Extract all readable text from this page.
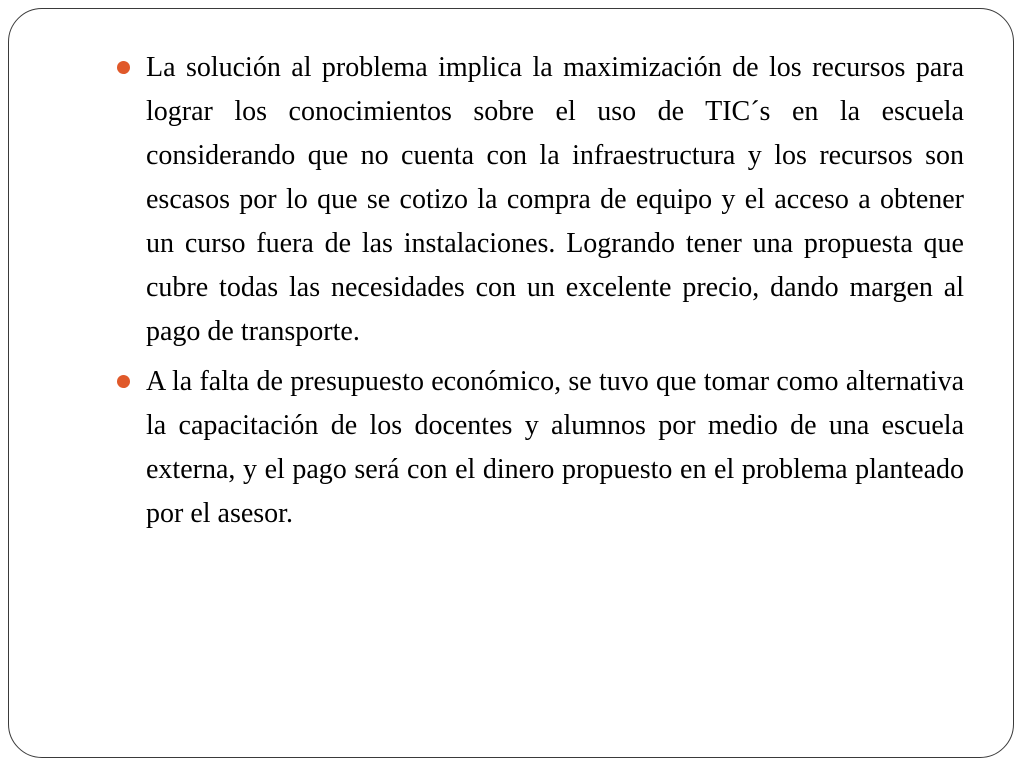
La solución al problema implica la maximización de los recursos para lograr los conocimientos sobre el uso de TIC´s en la escuela considerando que no cuenta con la infraestructura y los recursos son escasos por lo que se cotizo la compra de equipo y el acceso a obtener un curso fuera de las instalaciones. Logrando tener una propuesta que cubre todas las necesidades con un excelente precio, dando margen al pago de transporte.

A la falta de presupuesto económico, se tuvo que tomar como alternativa la capacitación de los docentes y alumnos por medio de una escuela externa, y el pago será con el dinero propuesto en el problema planteado por el asesor.
